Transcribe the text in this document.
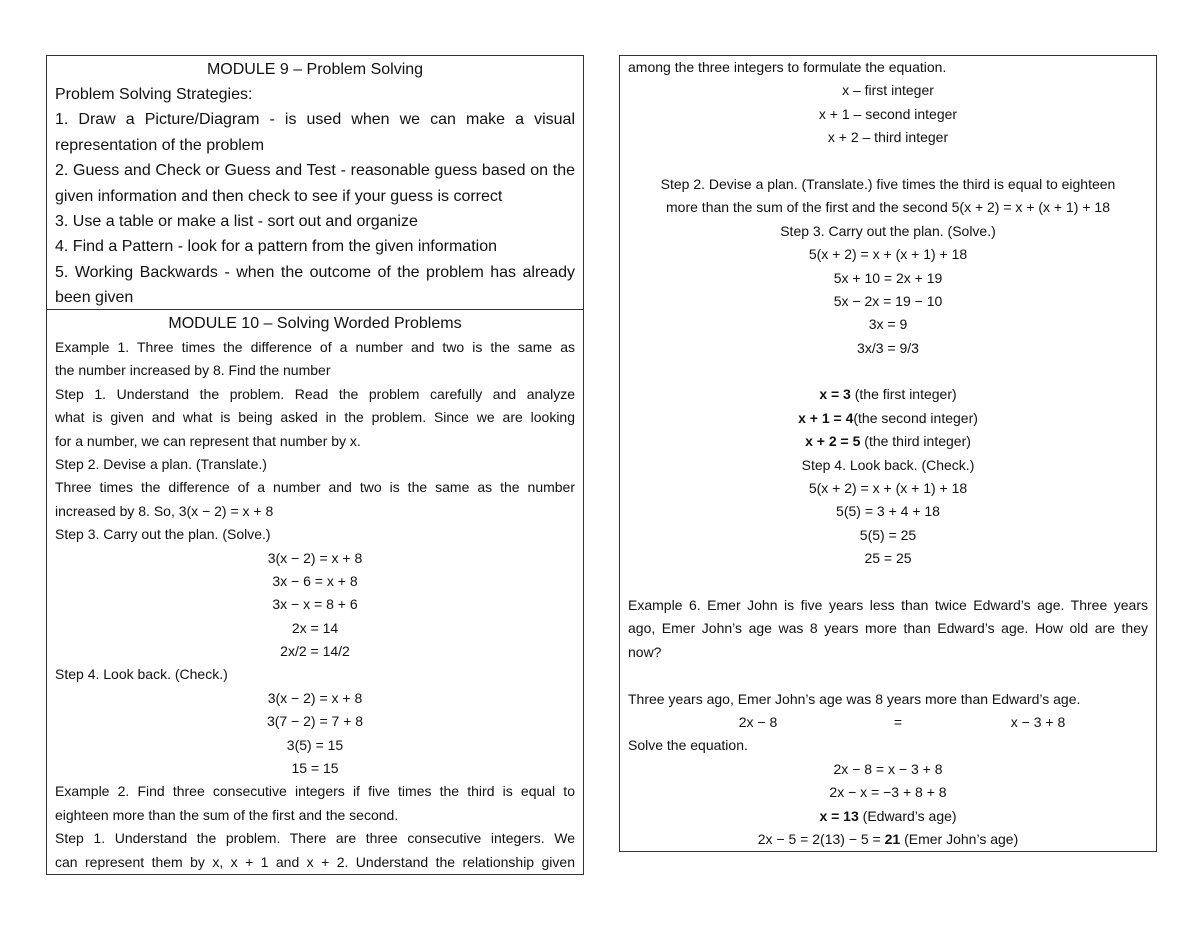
MODULE 9 – Problem Solving
Problem Solving Strategies:
1. Draw a Picture/Diagram - is used when we can make a visual representation of the problem
2. Guess and Check or Guess and Test - reasonable guess based on the given information and then check to see if your guess is correct
3. Use a table or make a list - sort out and organize
4. Find a Pattern - look for a pattern from the given information
5. Working Backwards - when the outcome of the problem has already been given
MODULE 10 – Solving Worded Problems
Example 1. Three times the difference of a number and two is the same as
the number increased by 8. Find the number
Step 1. Understand the problem. Read the problem carefully and analyze
what is given and what is being asked in the problem. Since we are looking
for a number, we can represent that number by x.
Step 2. Devise a plan. (Translate.)
Three times the difference of a number and two is the same as the number
increased by 8. So, 3(x − 2) = x + 8
Step 3. Carry out the plan. (Solve.)
3(x − 2) = x + 8
3x − 6 = x + 8
3x − x = 8 + 6
2x = 14
2x/2 = 14/2
Step 4. Look back. (Check.)
3(x − 2) = x + 8
3(7 − 2) = 7 + 8
3(5) = 15
15 = 15
Example 2. Find three consecutive integers if five times the third is equal to
eighteen more than the sum of the first and the second.
Step 1. Understand the problem. There are three consecutive integers. We
can represent them by x, x + 1 and x + 2. Understand the relationship given
among the three integers to formulate the equation.
x – first integer
x + 1 – second integer
x + 2 – third integer
Step 2. Devise a plan. (Translate.) five times the third is equal to eighteen
more than the sum of the first and the second 5(x + 2) = x + (x + 1) + 18
Step 3. Carry out the plan. (Solve.)
5(x + 2) = x + (x + 1) + 18
5x + 10 = 2x + 19
5x − 2x = 19 − 10
3x = 9
3x/3 = 9/3
x = 3 (the first integer)
x + 1 = 4(the second integer)
x + 2 = 5 (the third integer)
Step 4. Look back. (Check.)
5(x + 2) = x + (x + 1) + 18
5(5) = 3 + 4 + 18
5(5) = 25
25 = 25
Example 6. Emer John is five years less than twice Edward’s age. Three years
ago, Emer John’s age was 8 years more than Edward’s age. How old are they
now?
Three years ago, Emer John’s age was 8 years more than Edward’s age.
2x − 8	=	x − 3 + 8
Solve the equation.
2x − 8 = x − 3 + 8
2x − x = −3 + 8 + 8
x = 13 (Edward’s age)
2x − 5 = 2(13) − 5 = 21 (Emer John’s age)
